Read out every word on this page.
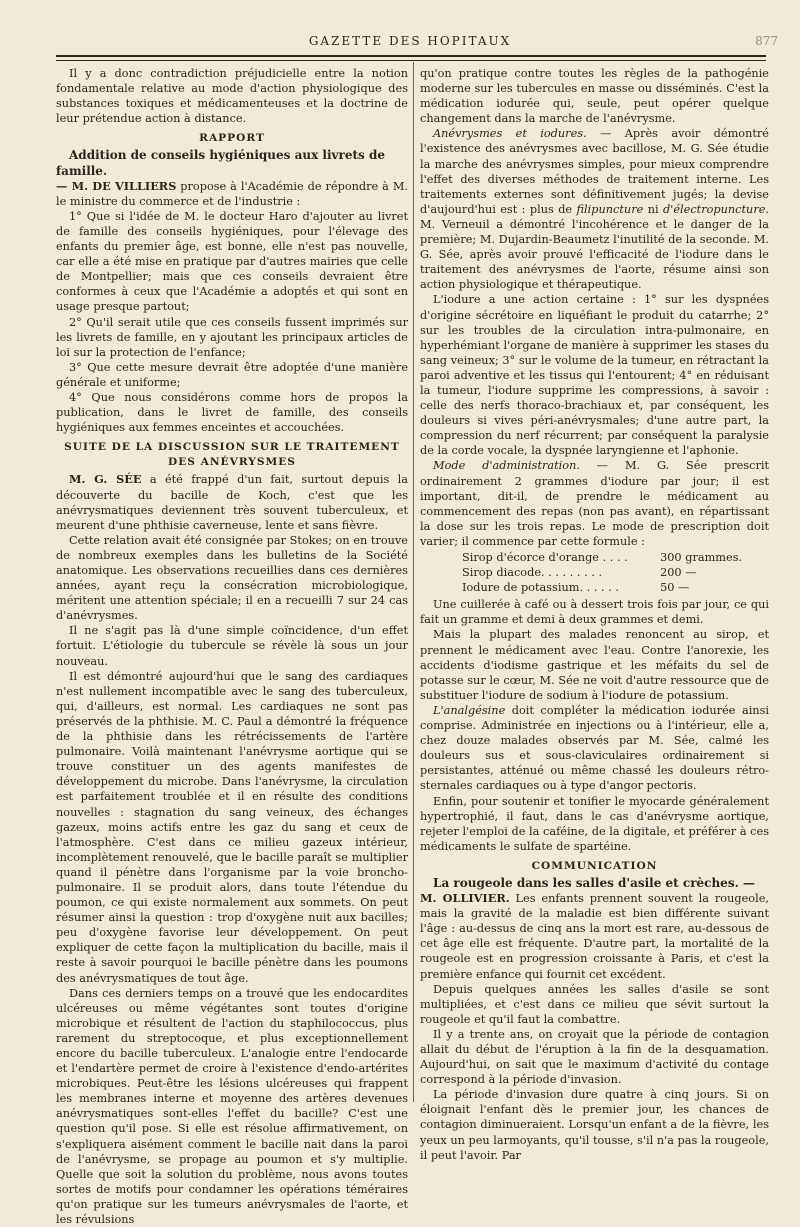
GAZETTE DES HOPITAUX	877

Il y a donc contradiction préjudicielle entre la notion fondamentale relative au mode d'action physiologique des substances toxiques et médicamenteuses et la doctrine de leur prétendue action à distance.

RAPPORT

Addition de conseils hygiéniques aux livrets de famille.

— M. DE VILLIERS propose à l'Académie de répondre à M. le ministre du commerce et de l'industrie :

1° Que si l'idée de M. le docteur Haro d'ajouter au livret de famille des conseils hygiéniques, pour l'élevage des enfants du premier âge, est bonne, elle n'est pas nouvelle, car elle a été mise en pratique par d'autres mairies que celle de Montpellier; mais que ces conseils devraient être conformes à ceux que l'Académie a adoptés et qui sont en usage presque partout;

2° Qu'il serait utile que ces conseils fussent imprimés sur les livrets de famille, en y ajoutant les principaux articles de loi sur la protection de l'enfance;

3° Que cette mesure devrait être adoptée d'une manière générale et uniforme;

4° Que nous considérons comme hors de propos la publication, dans le livret de famille, des conseils hygiéniques aux femmes enceintes et accouchées.

SUITE DE LA DISCUSSION SUR LE TRAITEMENT
DES ANÉVRYSMES

M. G. SÉE a été frappé d'un fait, surtout depuis la découverte du bacille de Koch, c'est que les anévrysmatiques deviennent très souvent tuberculeux, et meurent d'une phthisie caverneuse, lente et sans fièvre.

Cette relation avait été consignée par Stokes; on en trouve de nombreux exemples dans les bulletins de la Société anatomique. Les observations recueillies dans ces dernières années, ayant reçu la consécration microbiologique, méritent une attention spéciale; il en a recueilli 7 sur 24 cas d'anévrysmes.

Il ne s'agit pas là d'une simple coïncidence, d'un effet fortuit. L'étiologie du tubercule se révèle là sous un jour nouveau.

Il est démontré aujourd'hui que le sang des cardiaques n'est nullement incompatible avec le sang des tuberculeux, qui, d'ailleurs, est normal. Les cardiaques ne sont pas préservés de la phthisie. M. C. Paul a démontré la fréquence de la phthisie dans les rétrécissements de l'artère pulmonaire. Voilà maintenant l'anévrysme aortique qui se trouve constituer un des agents manifestes de développement du microbe. Dans l'anévrysme, la circulation est parfaitement troublée et il en résulte des conditions nouvelles : stagnation du sang veineux, des échanges gazeux, moins actifs entre les gaz du sang et ceux de l'atmosphère. C'est dans ce milieu gazeux intérieur, incomplètement renouvelé, que le bacille paraît se multiplier quand il pénètre dans l'organisme par la voie broncho-pulmonaire. Il se produit alors, dans toute l'étendue du poumon, ce qui existe normalement aux sommets. On peut résumer ainsi la question : trop d'oxygène nuit aux bacilles; peu d'oxygène favorise leur développement. On peut expliquer de cette façon la multiplication du bacille, mais il reste à savoir pourquoi le bacille pénètre dans les poumons des anévrysmatiques de tout âge.

Dans ces derniers temps on a trouvé que les endocardites ulcéreuses ou même végétantes sont toutes d'origine microbique et résultent de l'action du staphilococcus, plus rarement du streptocoque, et plus exceptionnellement encore du bacille tuberculeux. L'analogie entre l'endocarde et l'endartère permet de croire à l'existence d'endo-artérites microbiques. Peut-être les lésions ulcéreuses qui frappent les membranes interne et moyenne des artères devenues anévrysmatiques sont-elles l'effet du bacille? C'est une question qu'il pose. Si elle est résolue affirmativement, on s'expliquera aisément comment le bacille nait dans la paroi de l'anévrysme, se propage au poumon et s'y multiplie. Quelle que soit la solution du problème, nous avons toutes sortes de motifs pour condamner les opérations téméraires qu'on pratique sur les tumeurs anévrysmales de l'aorte, et les révulsions

qu'on pratique contre toutes les règles de la pathogénie moderne sur les tubercules en masse ou disséminés. C'est la médication iodurée qui, seule, peut opérer quelque changement dans la marche de l'anévrysme.

Anévrysmes et iodures. — Après avoir démontré l'existence des anévrysmes avec bacillose, M. G. Sée étudie la marche des anévrysmes simples, pour mieux comprendre l'effet des diverses méthodes de traitement interne. Les traitements externes sont définitivement jugés; la devise d'aujourd'hui est : plus de filipuncture ni d'électropuncture. M. Verneuil a démontré l'incohérence et le danger de la première; M. Dujardin-Beaumetz l'inutilité de la seconde. M. G. Sée, après avoir prouvé l'efficacité de l'iodure dans le traitement des anévrysmes de l'aorte, résume ainsi son action physiologique et thérapeutique.

L'iodure a une action certaine : 1° sur les dyspnées d'origine sécrétoire en liquéfiant le produit du catarrhe; 2° sur les troubles de la circulation intra-pulmonaire, en hyperhémiant l'organe de manière à supprimer les stases du sang veineux; 3° sur le volume de la tumeur, en rétractant la paroi adventive et les tissus qui l'entourent; 4° en réduisant la tumeur, l'iodure supprime les compressions, à savoir : celle des nerfs thoraco-brachiaux et, par conséquent, les douleurs si vives péri-anévrysmales; d'une autre part, la compression du nerf récurrent; par conséquent la paralysie de la corde vocale, la dyspnée laryngienne et l'aphonie.

Mode d'administration. — M. G. Sée prescrit ordinairement 2 grammes d'iodure par jour; il est important, dit-il, de prendre le médicament au commencement des repas (non pas avant), en répartissant la dose sur les trois repas. Le mode de prescription doit varier; il commence par cette formule :

Sirop d'écorce d'orange . . . .	300 grammes.
Sirop diacode. . . . . . . . .	200 —
Iodure de potassium. . . . . .	50 —

Une cuillerée à café ou à dessert trois fois par jour, ce qui fait un gramme et demi à deux grammes et demi.

Mais la plupart des malades renoncent au sirop, et prennent le médicament avec l'eau. Contre l'anorexie, les accidents d'iodisme gastrique et les méfaits du sel de potasse sur le cœur, M. Sée ne voit d'autre ressource que de substituer l'iodure de sodium à l'iodure de potassium.

L'analgésine doit compléter la médication iodurée ainsi comprise. Administrée en injections ou à l'intérieur, elle a, chez douze malades observés par M. Sée, calmé les douleurs sus et sous-claviculaires ordinairement si persistantes, atténué ou même chassé les douleurs rétro-sternales cardiaques ou à type d'angor pectoris.

Enfin, pour soutenir et tonifier le myocarde généralement hypertrophié, il faut, dans le cas d'anévrysme aortique, rejeter l'emploi de la caféine, de la digitale, et préférer à ces médicaments le sulfate de spartéine.

COMMUNICATION

La rougeole dans les salles d'asile et crèches. —

M. OLLIVIER. Les enfants prennent souvent la rougeole, mais la gravité de la maladie est bien différente suivant l'âge : au-dessus de cinq ans la mort est rare, au-dessous de cet âge elle est fréquente. D'autre part, la mortalité de la rougeole est en progression croissante à Paris, et c'est la première enfance qui fournit cet excédent.

Depuis quelques années les salles d'asile se sont multipliées, et c'est dans ce milieu que sévit surtout la rougeole et qu'il faut la combattre.

Il y a trente ans, on croyait que la période de contagion allait du début de l'éruption à la fin de la desquamation. Aujourd'hui, on sait que le maximum d'activité du contage correspond à la période d'invasion.

La période d'invasion dure quatre à cinq jours. Si on éloignait l'enfant dès le premier jour, les chances de contagion diminueraient. Lorsqu'un enfant a de la fièvre, les yeux un peu larmoyants, qu'il tousse, s'il n'a pas la rougeole, il peut l'avoir. Par
